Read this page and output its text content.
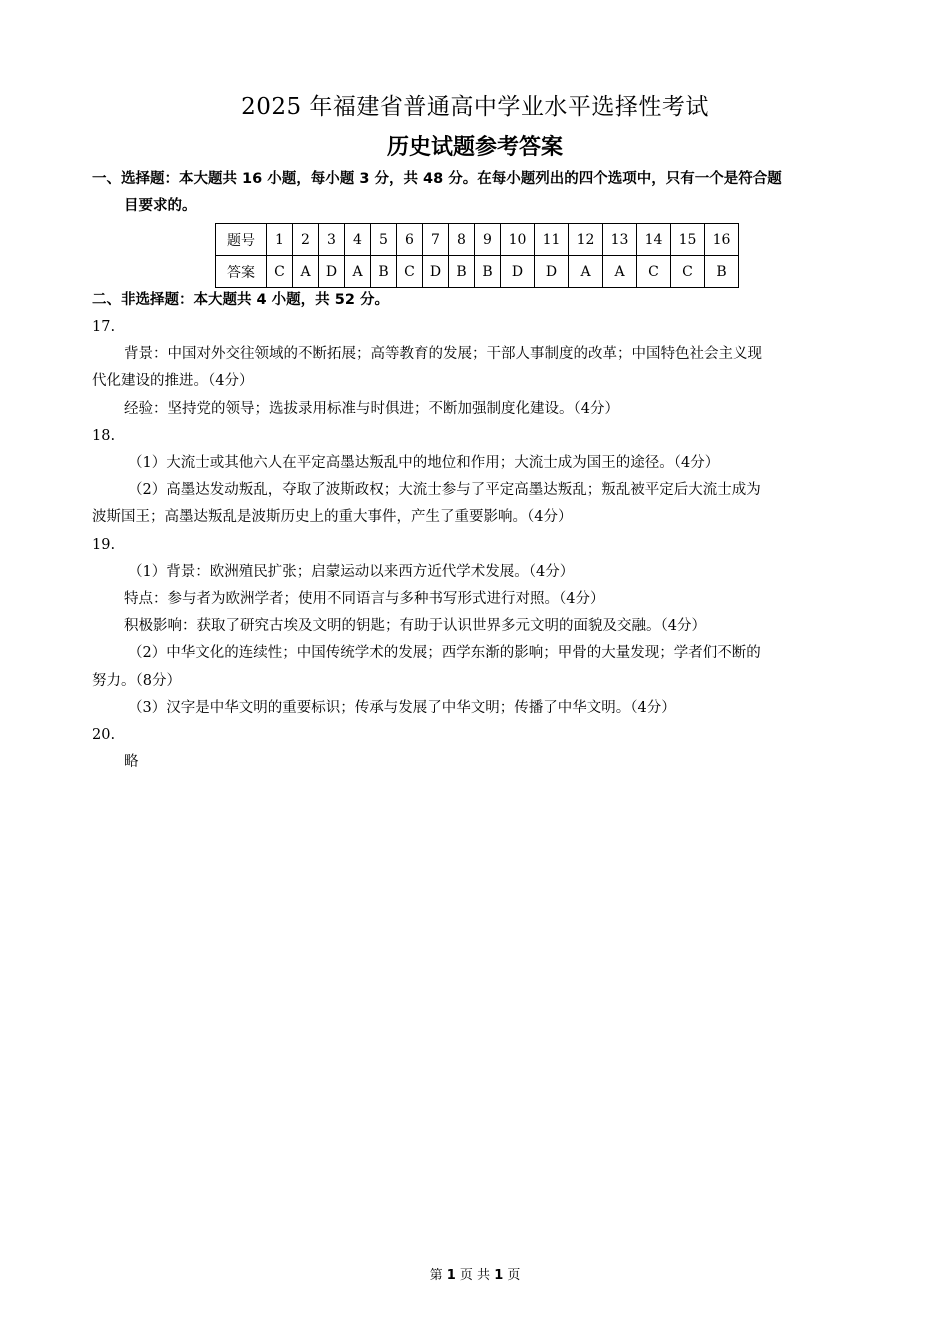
2025 年福建省普通高中学业水平选择性考试
历史试题参考答案
一、选择题：本大题共 16 小题，每小题 3 分，共 48 分。在每小题列出的四个选项中，只有一个是符合题
目要求的。
题号	1	2	3	4	5	6	7	8	9	10	11	12	13	14	15	16
答案	C	A	D	A	B	C	D	B	B	D	D	A	A	C	C	B
二、非选择题：本大题共 4 小题，共 52 分。
17.
背景：中国对外交往领域的不断拓展；高等教育的发展；干部人事制度的改革；中国特色社会主义现
代化建设的推进。（4分）
经验：坚持党的领导；选拔录用标准与时俱进；不断加强制度化建设。（4分）
18.
（1）大流士或其他六人在平定高墨达叛乱中的地位和作用；大流士成为国王的途径。（4分）
（2）高墨达发动叛乱，夺取了波斯政权；大流士参与了平定高墨达叛乱；叛乱被平定后大流士成为
波斯国王；高墨达叛乱是波斯历史上的重大事件，产生了重要影响。（4分）
19.
（1）背景：欧洲殖民扩张；启蒙运动以来西方近代学术发展。（4分）
特点：参与者为欧洲学者；使用不同语言与多种书写形式进行对照。（4分）
积极影响：获取了研究古埃及文明的钥匙；有助于认识世界多元文明的面貌及交融。（4分）
（2）中华文化的连续性；中国传统学术的发展；西学东渐的影响；甲骨的大量发现；学者们不断的
努力。（8分）
（3）汉字是中华文明的重要标识；传承与发展了中华文明；传播了中华文明。（4分）
20.
略
第 1 页 共 1 页
